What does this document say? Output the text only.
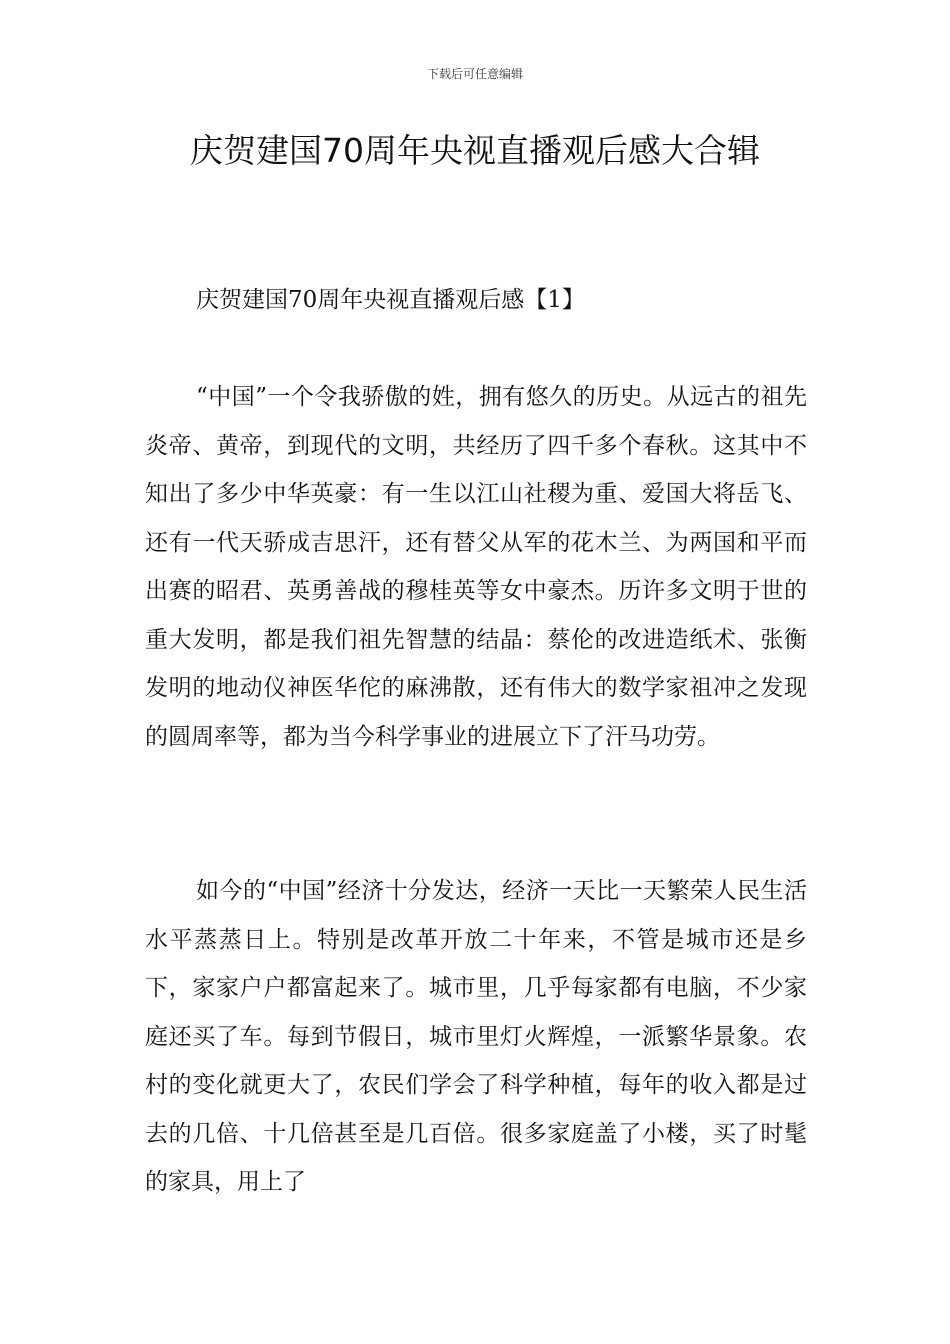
下载后可任意编辑
庆贺建国70周年央视直播观后感大合辑
庆贺建国70周年央视直播观后感【1】

“中国”一个令我骄傲的姓，拥有悠久的历史。从远古的祖先炎帝、黄帝，到现代的文明，共经历了四千多个春秋。这其中不知出了多少中华英豪：有一生以江山社稷为重、爱国大将岳飞、还有一代天骄成吉思汗，还有替父从军的花木兰、为两国和平而出赛的昭君、英勇善战的穆桂英等女中豪杰。历许多文明于世的重大发明，都是我们祖先智慧的结晶：蔡伦的改进造纸术、张衡发明的地动仪神医华佗的麻沸散，还有伟大的数学家祖冲之发现的圆周率等，都为当今科学事业的进展立下了汗马功劳。

如今的“中国”经济十分发达，经济一天比一天繁荣人民生活水平蒸蒸日上。特别是改革开放二十年来，不管是城市还是乡下，家家户户都富起来了。城市里，几乎每家都有电脑，不少家庭还买了车。每到节假日，城市里灯火辉煌，一派繁华景象。农村的变化就更大了，农民们学会了科学种植，每年的收入都是过去的几倍、十几倍甚至是几百倍。很多家庭盖了小楼，买了时髦的家具，用上了
